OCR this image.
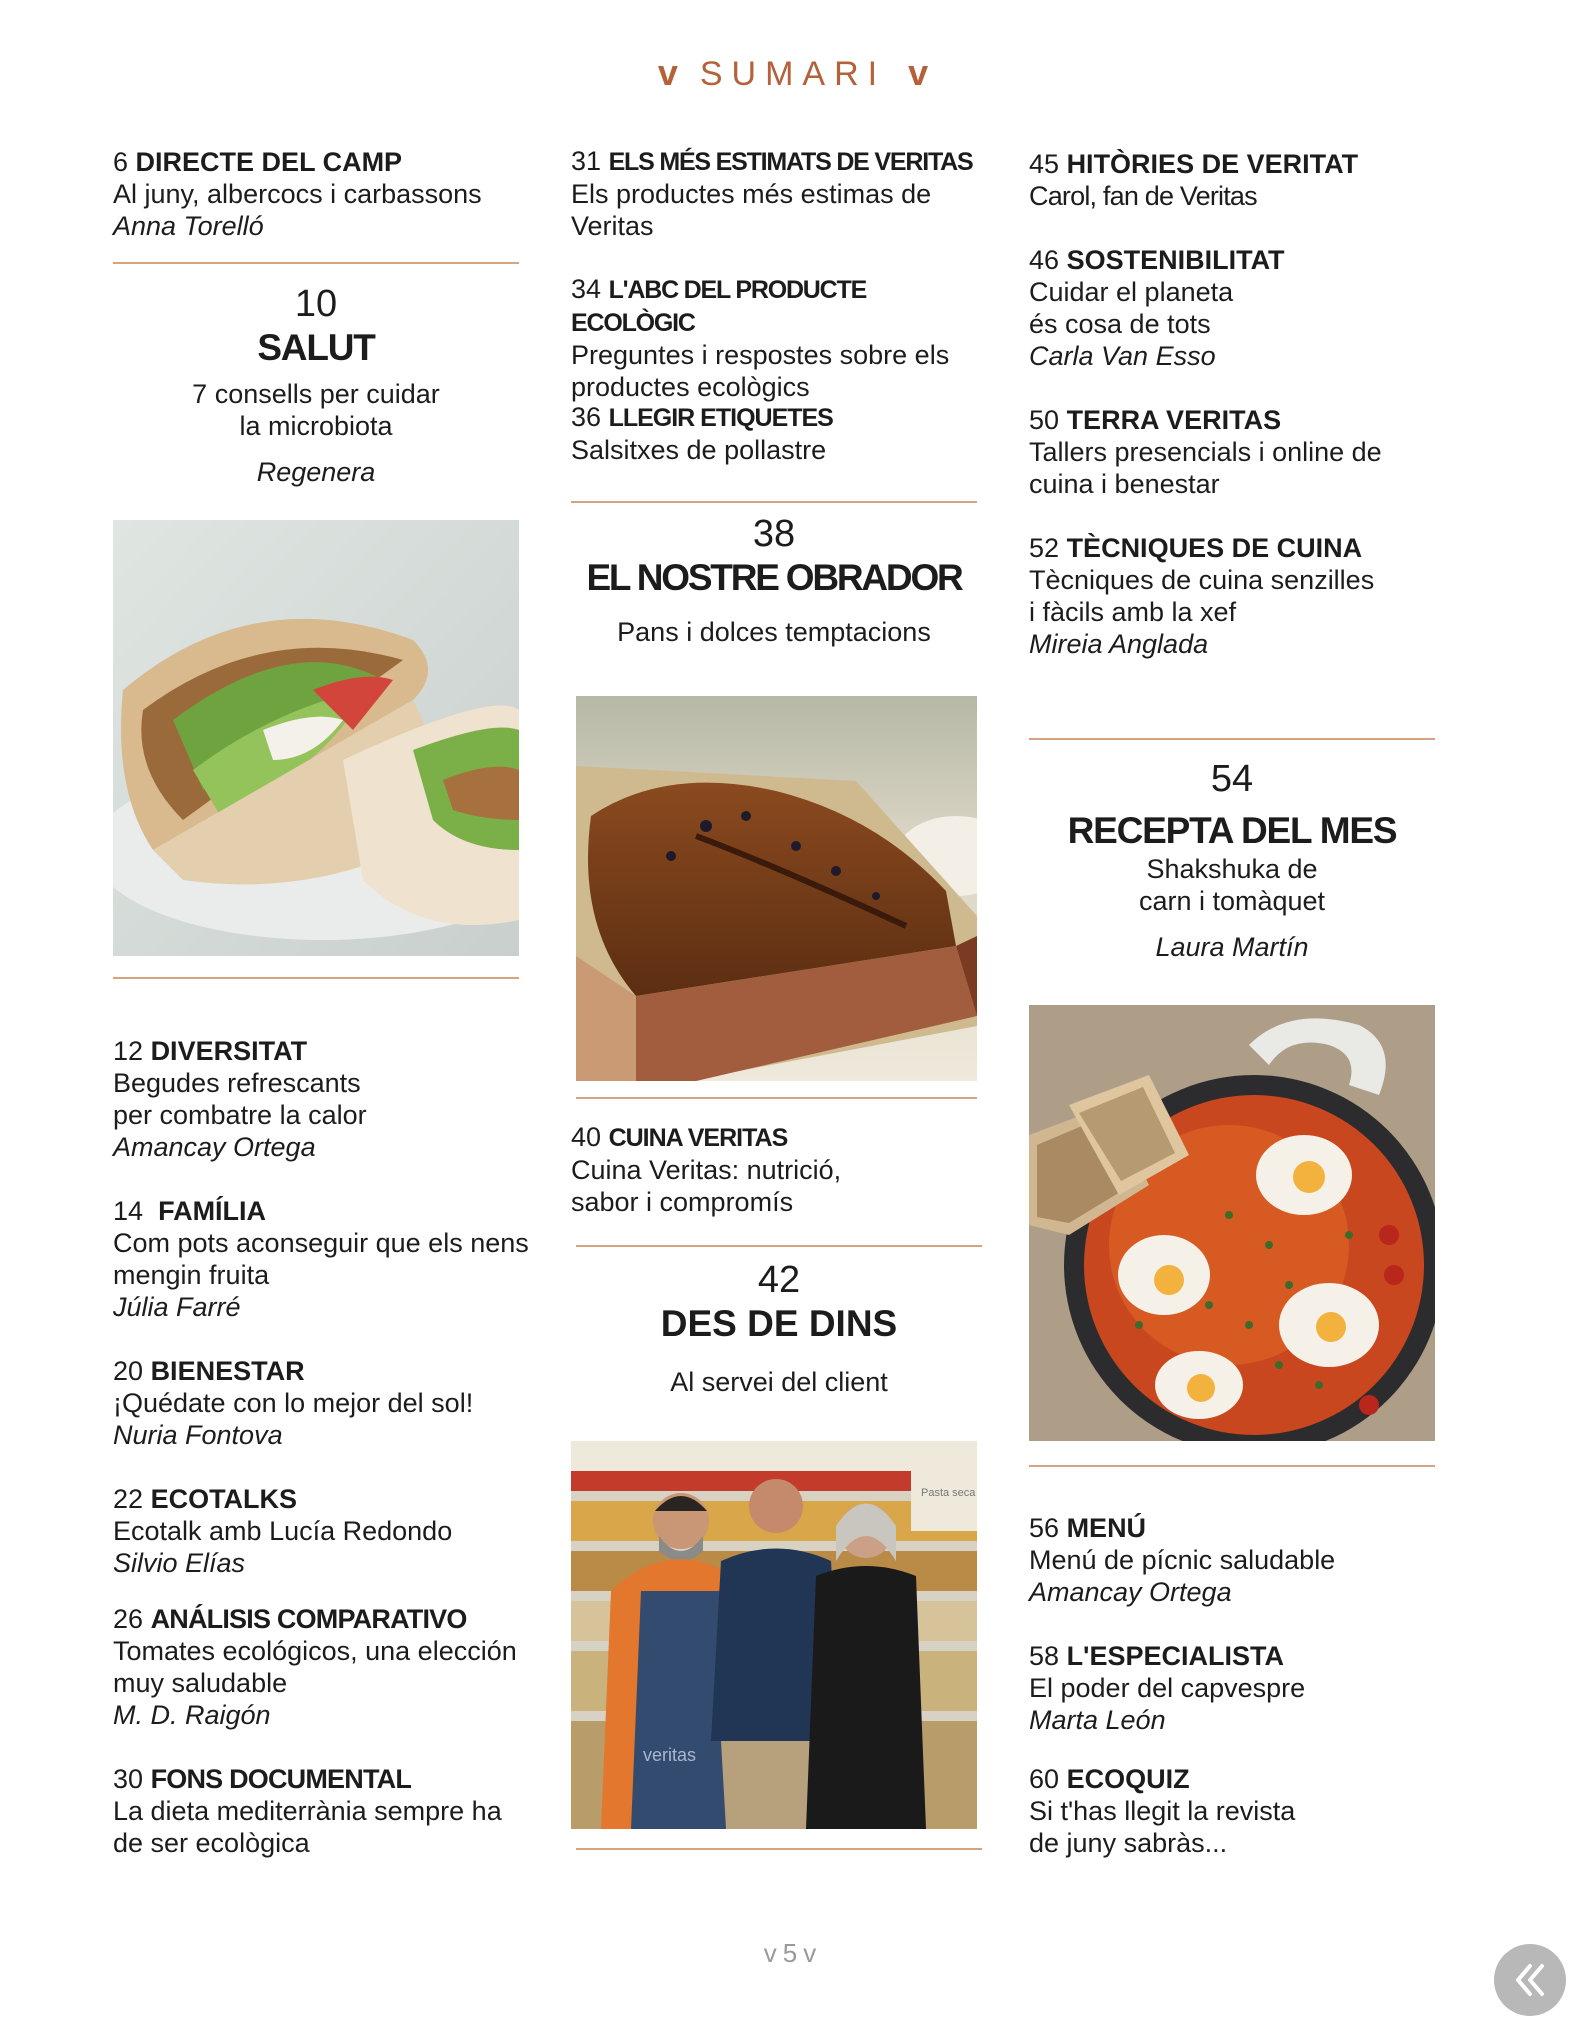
v SUMARI v
6 DIRECTE DEL CAMP
Al juny, albercocs i carbassons
Anna Torelló
10
SALUT
7 consells per cuidar
la microbiota
Regenera
12 DIVERSITAT
Begudes refrescants
per combatre la calor
Amancay Ortega
14 FAMÍLIA
Com pots aconseguir que els nens
mengin fruita
Júlia Farré
20 BIENESTAR
¡Quédate con lo mejor del sol!
Nuria Fontova
22 ECOTALKS
Ecotalk amb Lucía Redondo
Silvio Elías
26 ANÁLISIS COMPARATIVO
Tomates ecológicos, una elección
muy saludable
M. D. Raigón
30 FONS DOCUMENTAL
La dieta mediterrània sempre ha
de ser ecològica
31 ELS MÉS ESTIMATS DE VERITAS
Els productes més estimas de
Veritas
34 L'ABC DEL PRODUCTE ECOLÒGIC
Preguntes i respostes sobre els
productes ecològics
36 LLEGIR ETIQUETES
Salsitxes de pollastre
38
EL NOSTRE OBRADOR
Pans i dolces temptacions
40 CUINA VERITAS
Cuina Veritas: nutrició,
sabor i compromís
42
DES DE DINS
Al servei del client
Pasta seca
veritas
45 HITÒRIES DE VERITAT
Carol, fan de Veritas
46 SOSTENIBILITAT
Cuidar el planeta
és cosa de tots
Carla Van Esso
50 TERRA VERITAS
Tallers presencials i online de
cuina i benestar
52 TÈCNIQUES DE CUINA
Tècniques de cuina senzilles
i fàcils amb la xef
Mireia Anglada
54
RECEPTA DEL MES
Shakshuka de
carn i tomàquet
Laura Martín
56 MENÚ
Menú de pícnic saludable
Amancay Ortega
58 L'ESPECIALISTA
El poder del capvespre
Marta León
60 ECOQUIZ
Si t'has llegit la revista
de juny sabràs...
v5v
